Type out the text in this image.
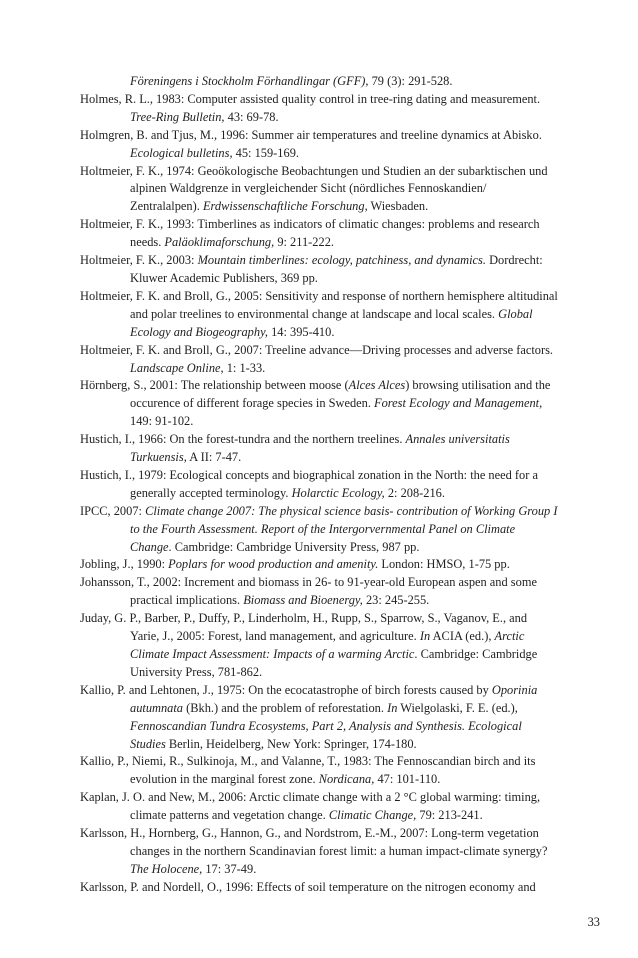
Föreningens i Stockholm Förhandlingar (GFF), 79 (3): 291-528.
Holmes, R. L., 1983: Computer assisted quality control in tree-ring dating and measurement. Tree-Ring Bulletin, 43: 69-78.
Holmgren, B. and Tjus, M., 1996: Summer air temperatures and treeline dynamics at Abisko. Ecological bulletins, 45: 159-169.
Holtmeier, F. K., 1974: Geoökologische Beobachtungen und Studien an der subarktischen und alpinen Waldgrenze in vergleichender Sicht (nördliches Fennoskandien/ Zentralalpen). Erdwissenschaftliche Forschung, Wiesbaden.
Holtmeier, F. K., 1993: Timberlines as indicators of climatic changes: problems and research needs. Paläoklimaforschung, 9: 211-222.
Holtmeier, F. K., 2003: Mountain timberlines: ecology, patchiness, and dynamics. Dordrecht: Kluwer Academic Publishers, 369 pp.
Holtmeier, F. K. and Broll, G., 2005: Sensitivity and response of northern hemisphere altitudinal and polar treelines to environmental change at landscape and local scales. Global Ecology and Biogeography, 14: 395-410.
Holtmeier, F. K. and Broll, G., 2007: Treeline advance—Driving processes and adverse factors. Landscape Online, 1: 1-33.
Hörnberg, S., 2001: The relationship between moose (Alces Alces) browsing utilisation and the occurence of different forage species in Sweden. Forest Ecology and Management, 149: 91-102.
Hustich, I., 1966: On the forest-tundra and the northern treelines. Annales universitatis Turkuensis, A II: 7-47.
Hustich, I., 1979: Ecological concepts and biographical zonation in the North: the need for a generally accepted terminology. Holarctic Ecology, 2: 208-216.
IPCC, 2007: Climate change 2007: The physical science basis- contribution of Working Group I to the Fourth Assessment. Report of the Intergorvernmental Panel on Climate Change. Cambridge: Cambridge University Press, 987 pp.
Jobling, J., 1990: Poplars for wood production and amenity. London: HMSO, 1-75 pp.
Johansson, T., 2002: Increment and biomass in 26- to 91-year-old European aspen and some practical implications. Biomass and Bioenergy, 23: 245-255.
Juday, G. P., Barber, P., Duffy, P., Linderholm, H., Rupp, S., Sparrow, S., Vaganov, E., and Yarie, J., 2005: Forest, land management, and agriculture. In ACIA (ed.), Arctic Climate Impact Assessment: Impacts of a warming Arctic. Cambridge: Cambridge University Press, 781-862.
Kallio, P. and Lehtonen, J., 1975: On the ecocatastrophe of birch forests caused by Oporinia autumnata (Bkh.) and the problem of reforestation. In Wielgolaski, F. E. (ed.), Fennoscandian Tundra Ecosystems, Part 2, Analysis and Synthesis. Ecological Studies Berlin, Heidelberg, New York: Springer, 174-180.
Kallio, P., Niemi, R., Sulkinoja, M., and Valanne, T., 1983: The Fennoscandian birch and its evolution in the marginal forest zone. Nordicana, 47: 101-110.
Kaplan, J. O. and New, M., 2006: Arctic climate change with a 2 °C global warming: timing, climate patterns and vegetation change. Climatic Change, 79: 213-241.
Karlsson, H., Hornberg, G., Hannon, G., and Nordstrom, E.-M., 2007: Long-term vegetation changes in the northern Scandinavian forest limit: a human impact-climate synergy? The Holocene, 17: 37-49.
Karlsson, P. and Nordell, O., 1996: Effects of soil temperature on the nitrogen economy and
33
